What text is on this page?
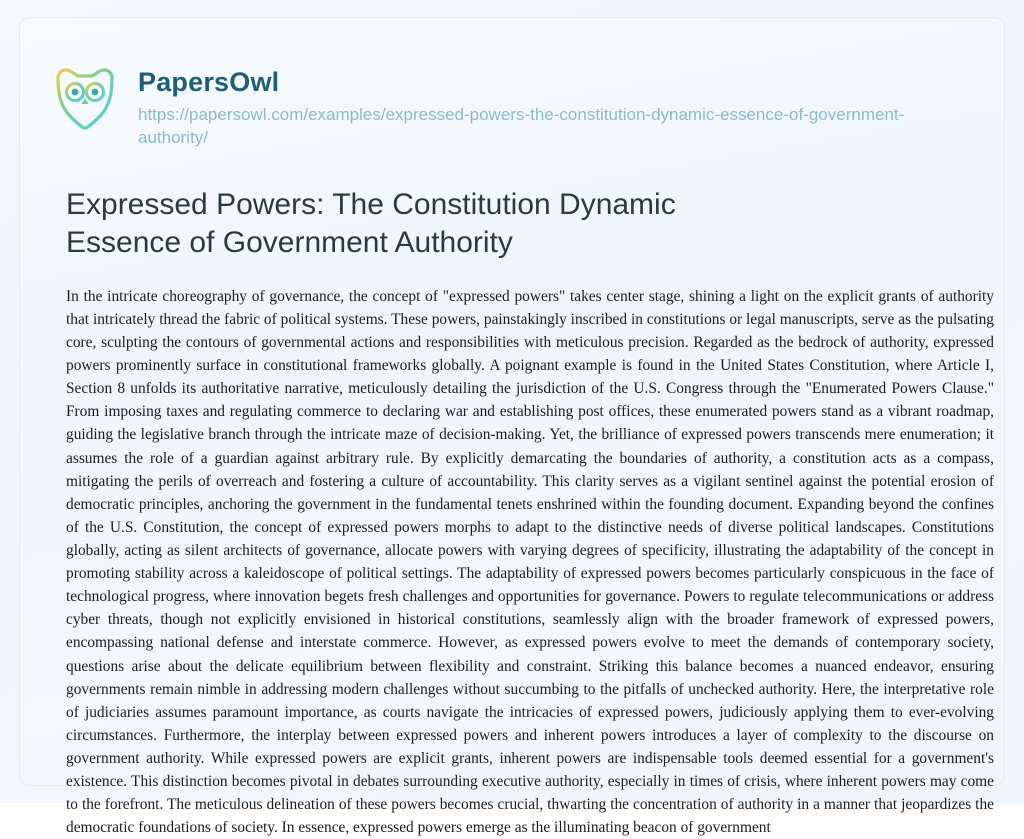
PapersOwl
https://papersowl.com/examples/expressed-powers-the-constitution-dynamic-essence-of-government-authority/
Expressed Powers: The Constitution Dynamic Essence of Government Authority

In the intricate choreography of governance, the concept of "expressed powers" takes center stage, shining a light on the explicit grants of authority that intricately thread the fabric of political systems. These powers, painstakingly inscribed in constitutions or legal manuscripts, serve as the pulsating core, sculpting the contours of governmental actions and responsibilities with meticulous precision. Regarded as the bedrock of authority, expressed powers prominently surface in constitutional frameworks globally. A poignant example is found in the United States Constitution, where Article I, Section 8 unfolds its authoritative narrative, meticulously detailing the jurisdiction of the U.S. Congress through the "Enumerated Powers Clause." From imposing taxes and regulating commerce to declaring war and establishing post offices, these enumerated powers stand as a vibrant roadmap, guiding the legislative branch through the intricate maze of decision-making. Yet, the brilliance of expressed powers transcends mere enumeration; it assumes the role of a guardian against arbitrary rule. By explicitly demarcating the boundaries of authority, a constitution acts as a compass, mitigating the perils of overreach and fostering a culture of accountability. This clarity serves as a vigilant sentinel against the potential erosion of democratic principles, anchoring the government in the fundamental tenets enshrined within the founding document. Expanding beyond the confines of the U.S. Constitution, the concept of expressed powers morphs to adapt to the distinctive needs of diverse political landscapes. Constitutions globally, acting as silent architects of governance, allocate powers with varying degrees of specificity, illustrating the adaptability of the concept in promoting stability across a kaleidoscope of political settings. The adaptability of expressed powers becomes particularly conspicuous in the face of technological progress, where innovation begets fresh challenges and opportunities for governance. Powers to regulate telecommunications or address cyber threats, though not explicitly envisioned in historical constitutions, seamlessly align with the broader framework of expressed powers, encompassing national defense and interstate commerce. However, as expressed powers evolve to meet the demands of contemporary society, questions arise about the delicate equilibrium between flexibility and constraint. Striking this balance becomes a nuanced endeavor, ensuring governments remain nimble in addressing modern challenges without succumbing to the pitfalls of unchecked authority. Here, the interpretative role of judiciaries assumes paramount importance, as courts navigate the intricacies of expressed powers, judiciously applying them to ever-evolving circumstances. Furthermore, the interplay between expressed powers and inherent powers introduces a layer of complexity to the discourse on government authority. While expressed powers are explicit grants, inherent powers are indispensable tools deemed essential for a government's existence. This distinction becomes pivotal in debates surrounding executive authority, especially in times of crisis, where inherent powers may come to the forefront. The meticulous delineation of these powers becomes crucial, thwarting the concentration of authority in a manner that jeopardizes the democratic foundations of society. In essence, expressed powers emerge as the illuminating beacon of government
